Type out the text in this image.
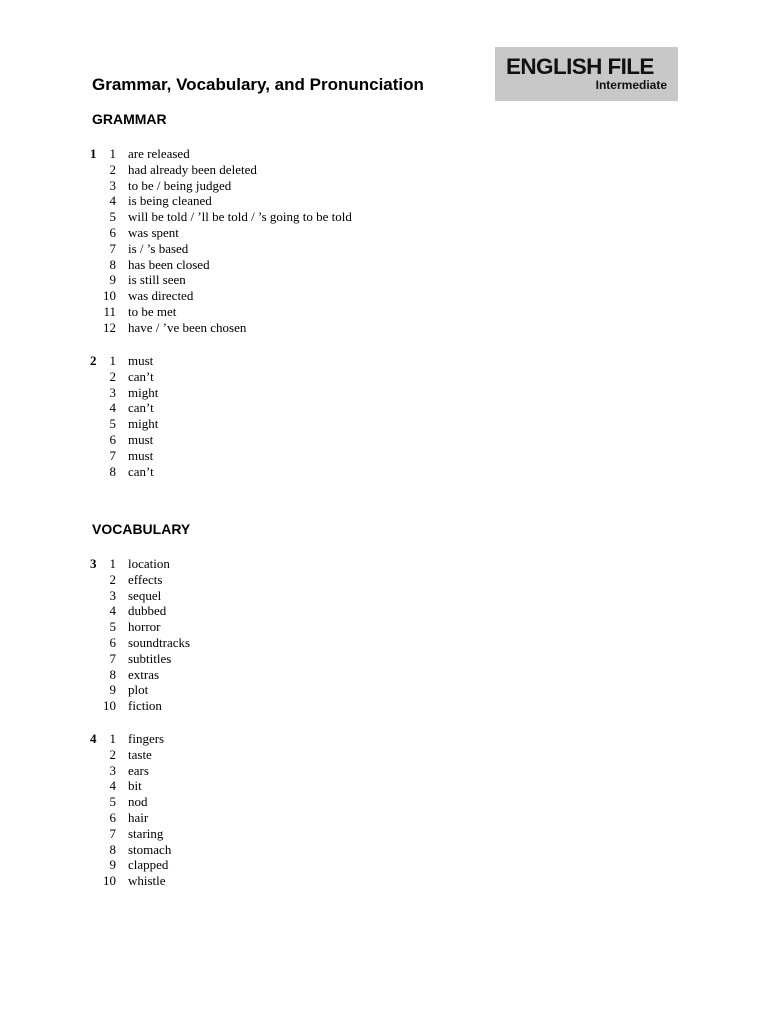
ENGLISH FILE
Intermediate
Grammar, Vocabulary, and Pronunciation
GRAMMAR
1 1 are released
2 had already been deleted
3 to be / being judged
4 is being cleaned
5 will be told / ’ll be told / ’s going to be told
6 was spent
7 is / ’s based
8 has been closed
9 is still seen
10 was directed
11 to be met
12 have / ’ve been chosen
2 1 must
2 can’t
3 might
4 can’t
5 might
6 must
7 must
8 can’t
VOCABULARY
3 1 location
2 effects
3 sequel
4 dubbed
5 horror
6 soundtracks
7 subtitles
8 extras
9 plot
10 fiction
4 1 fingers
2 taste
3 ears
4 bit
5 nod
6 hair
7 staring
8 stomach
9 clapped
10 whistle
